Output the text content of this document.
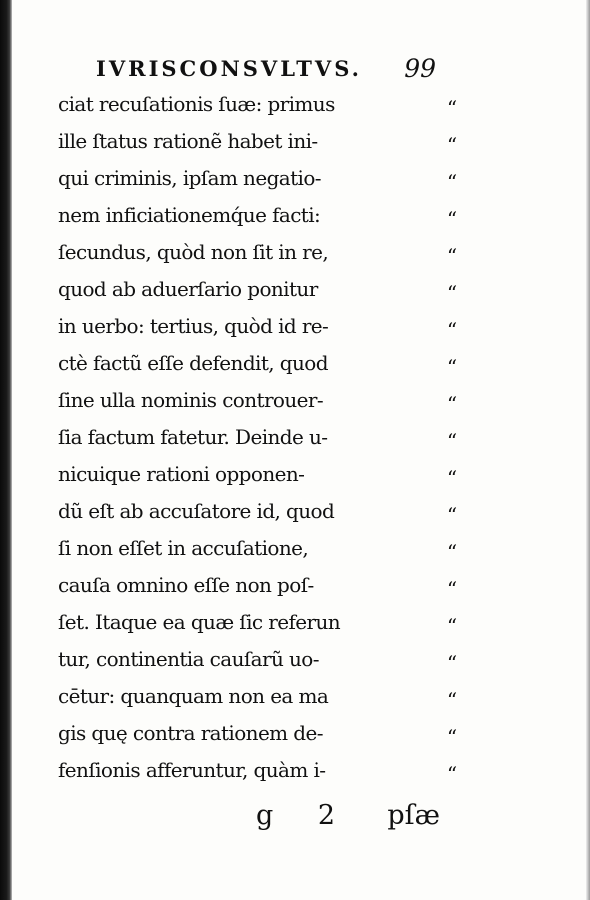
IVRISCONSVLTVS. 99
ciat recuſationis ſuæ: primus
ille ſtatus rationẽ habet ini-
qui criminis, ipſam negatio-
nem inficiationemq́ue facti:
ſecundus, quòd non ſit in re,
quod ab aduerſario ponitur
in uerbo: tertius, quòd id re-
ctè factũ eſſe defendit, quod
ſine ulla nominis controuer-
ſia factum fatetur. Deinde u-
nicuique rationi opponen-
dũ eſt ab accuſatore id, quod
ſi non eſſet in accuſatione,
cauſa omnino eſſe non poſ-
ſet. Itaque ea quæ ſic referun
tur, continentia cauſarũ uo-
cētur: quanquam non ea ma
gis quę contra rationem de-
fenſionis afferuntur, quàm i-
“
“
“
“
“
“
“
“
“
“
“
“
“
“
“
“
“
“
“
g 2 pſæ
